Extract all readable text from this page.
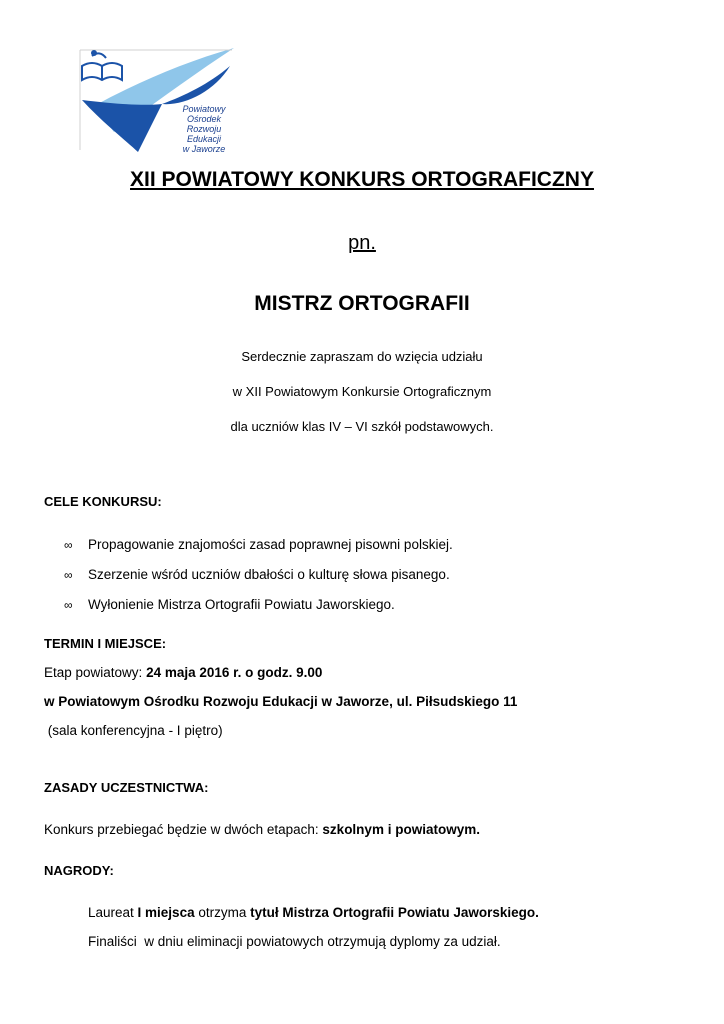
Powiatowy Ośrodek
Rozwoju Edukacji
w Jaworze
XII POWIATOWY KONKURS ORTOGRAFICZNY
pn.
MISTRZ ORTOGRAFII
Serdecznie zapraszam do wzięcia udziału
w XII Powiatowym Konkursie Ortograficznym
dla uczniów klas IV – VI szkół podstawowych.
CELE KONKURSU:
∞	Propagowanie znajomości zasad poprawnej pisowni polskiej.
∞	Szerzenie wśród uczniów dbałości o kulturę słowa pisanego.
∞	Wyłonienie Mistrza Ortografii Powiatu Jaworskiego.
TERMIN I MIEJSCE:
Etap powiatowy: 24 maja 2016 r. o godz. 9.00
w Powiatowym Ośrodku Rozwoju Edukacji w Jaworze, ul. Piłsudskiego 11
(sala konferencyjna - I piętro)
ZASADY UCZESTNICTWA:
Konkurs przebiegać będzie w dwóch etapach: szkolnym i powiatowym.
NAGRODY:
Laureat I miejsca otrzyma tytuł Mistrza Ortografii Powiatu Jaworskiego.
Finaliści  w dniu eliminacji powiatowych otrzymują dyplomy za udział.
